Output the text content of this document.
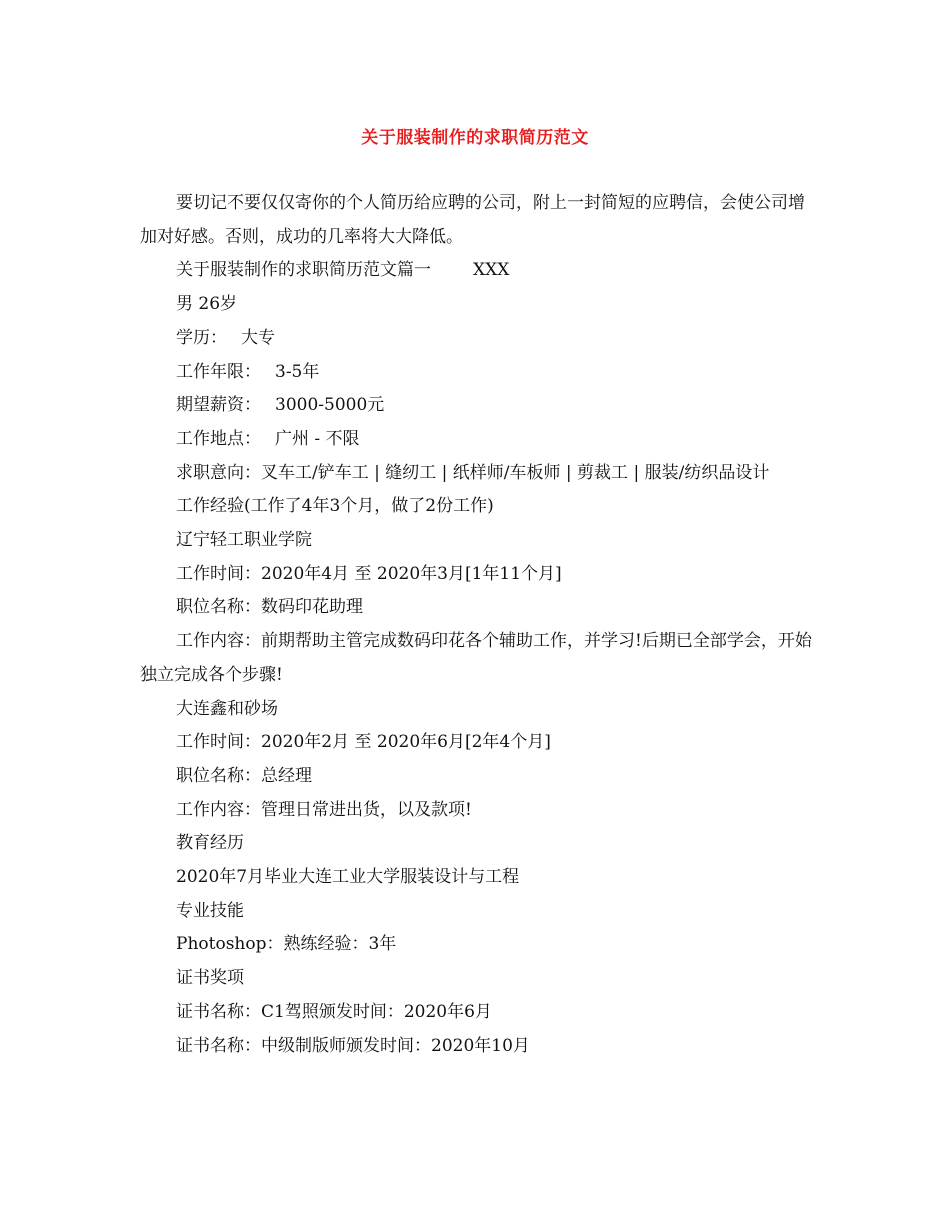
关于服装制作的求职简历范文

要切记不要仅仅寄你的个人简历给应聘的公司，附上一封简短的应聘信，会使公司增加对好感。否则，成功的几率将大大降低。

关于服装制作的求职简历范文篇一 XXX

男 26岁

学历： 大专

工作年限： 3-5年

期望薪资： 3000-5000元

工作地点： 广州 - 不限

求职意向：叉车工/铲车工 | 缝纫工 | 纸样师/车板师 | 剪裁工 | 服装/纺织品设计

工作经验(工作了4年3个月，做了2份工作)

辽宁轻工职业学院

工作时间：2020年4月 至 2020年3月[1年11个月]

职位名称：数码印花助理

工作内容：前期帮助主管完成数码印花各个辅助工作，并学习!后期已全部学会，开始独立完成各个步骤!

大连鑫和砂场

工作时间：2020年2月 至 2020年6月[2年4个月]

职位名称：总经理

工作内容：管理日常进出货，以及款项!

教育经历

2020年7月毕业大连工业大学服装设计与工程

专业技能

Photoshop：熟练经验：3年

证书奖项

证书名称：C1驾照颁发时间：2020年6月

证书名称：中级制版师颁发时间：2020年10月
